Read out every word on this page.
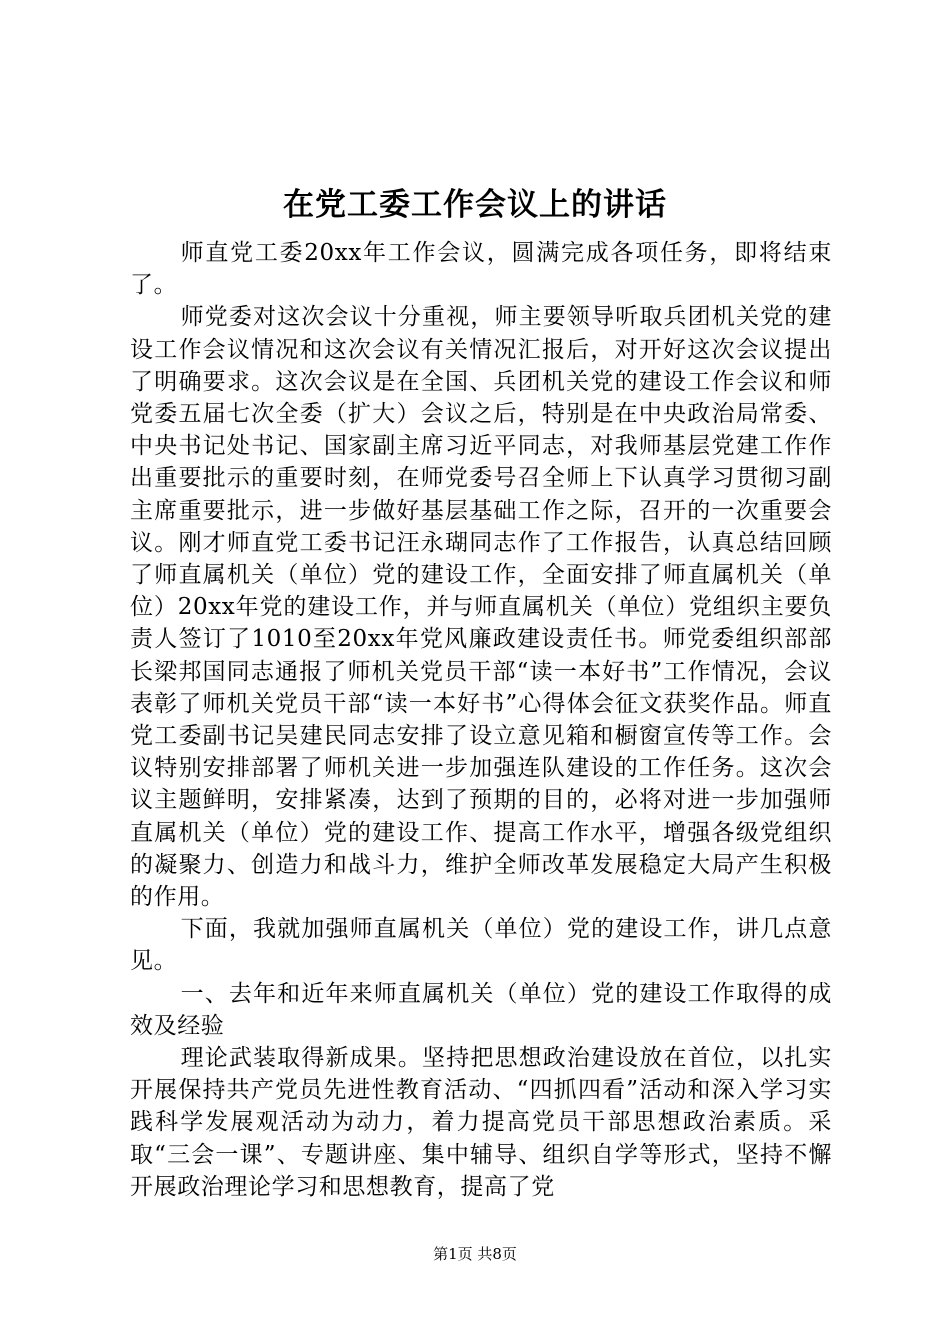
在党工委工作会议上的讲话

师直党工委20xx年工作会议，圆满完成各项任务，即将结束了。

师党委对这次会议十分重视，师主要领导听取兵团机关党的建设工作会议情况和这次会议有关情况汇报后，对开好这次会议提出了明确要求。这次会议是在全国、兵团机关党的建设工作会议和师党委五届七次全委（扩大）会议之后，特别是在中央政治局常委、中央书记处书记、国家副主席习近平同志，对我师基层党建工作作出重要批示的重要时刻，在师党委号召全师上下认真学习贯彻习副主席重要批示，进一步做好基层基础工作之际，召开的一次重要会议。刚才师直党工委书记汪永瑚同志作了工作报告，认真总结回顾了师直属机关（单位）党的建设工作，全面安排了师直属机关（单位）20xx年党的建设工作，并与师直属机关（单位）党组织主要负责人签订了1010至20xx年党风廉政建设责任书。师党委组织部部长梁邦国同志通报了师机关党员干部“读一本好书”工作情况，会议表彰了师机关党员干部“读一本好书”心得体会征文获奖作品。师直党工委副书记吴建民同志安排了设立意见箱和橱窗宣传等工作。会议特别安排部署了师机关进一步加强连队建设的工作任务。这次会议主题鲜明，安排紧凑，达到了预期的目的，必将对进一步加强师直属机关（单位）党的建设工作、提高工作水平，增强各级党组织的凝聚力、创造力和战斗力，维护全师改革发展稳定大局产生积极的作用。

下面，我就加强师直属机关（单位）党的建设工作，讲几点意见。

一、去年和近年来师直属机关（单位）党的建设工作取得的成效及经验

理论武装取得新成果。坚持把思想政治建设放在首位，以扎实开展保持共产党员先进性教育活动、“四抓四看”活动和深入学习实践科学发展观活动为动力，着力提高党员干部思想政治素质。采取“三会一课”、专题讲座、集中辅导、组织自学等形式，坚持不懈开展政治理论学习和思想教育，提高了党

第1页 共8页
